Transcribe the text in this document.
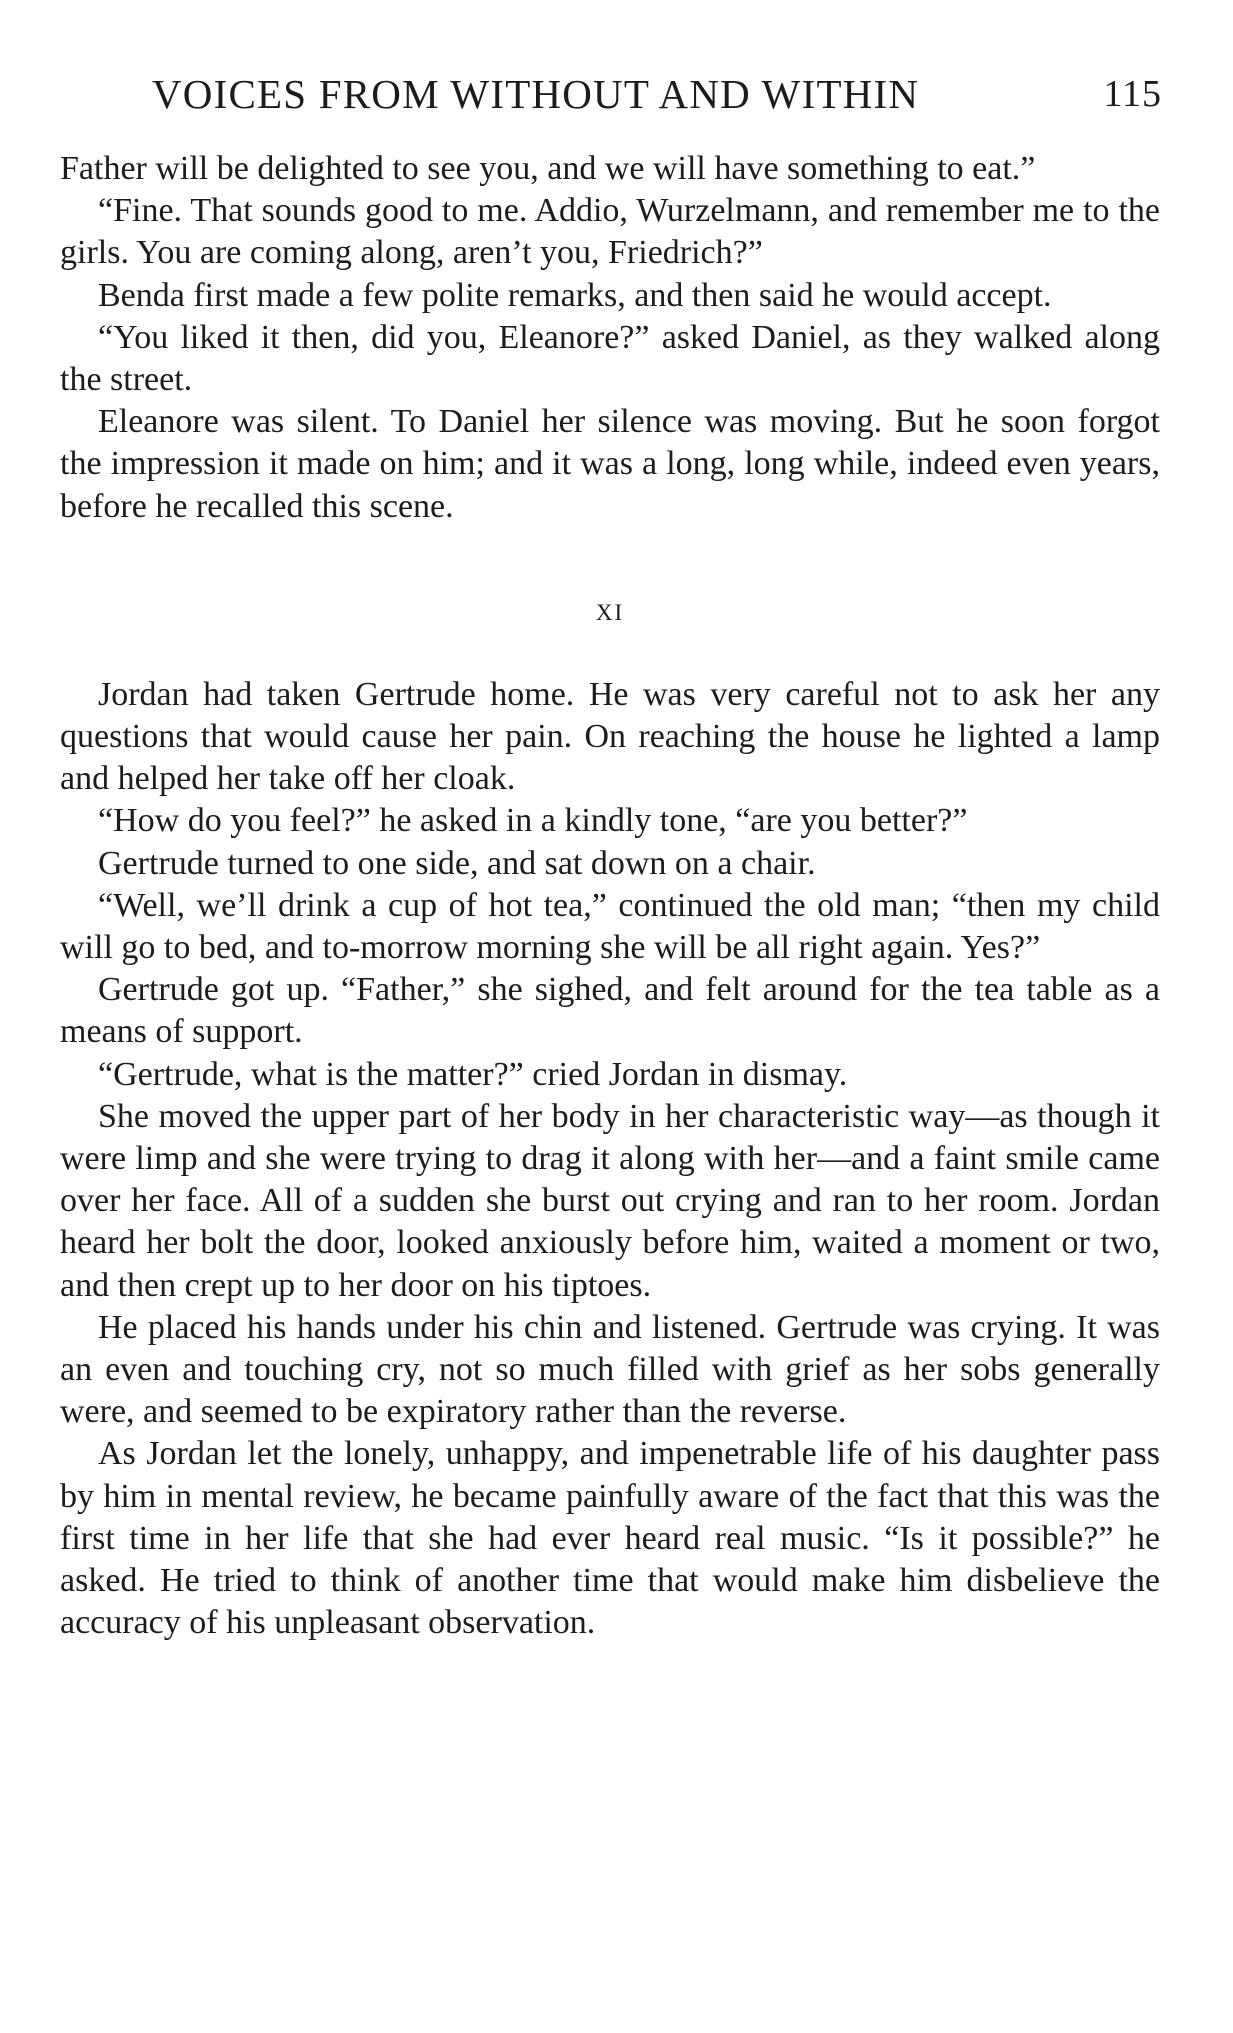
VOICES FROM WITHOUT AND WITHIN	115

Father will be delighted to see you, and we will have something to eat.”

“Fine. That sounds good to me. Addio, Wurzelmann, and remember me to the girls. You are coming along, aren’t you, Friedrich?”

Benda first made a few polite remarks, and then said he would accept.

“You liked it then, did you, Eleanore?” asked Daniel, as they walked along the street.

Eleanore was silent. To Daniel her silence was moving. But he soon forgot the impression it made on him; and it was a long, long while, indeed even years, before he recalled this scene.

XI

Jordan had taken Gertrude home. He was very careful not to ask her any questions that would cause her pain. On reaching the house he lighted a lamp and helped her take off her cloak.

“How do you feel?” he asked in a kindly tone, “are you better?”

Gertrude turned to one side, and sat down on a chair.

“Well, we’ll drink a cup of hot tea,” continued the old man; “then my child will go to bed, and to-morrow morning she will be all right again. Yes?”

Gertrude got up. “Father,” she sighed, and felt around for the tea table as a means of support.

“Gertrude, what is the matter?” cried Jordan in dismay.

She moved the upper part of her body in her characteristic way—as though it were limp and she were trying to drag it along with her—and a faint smile came over her face. All of a sudden she burst out crying and ran to her room. Jordan heard her bolt the door, looked anxiously before him, waited a moment or two, and then crept up to her door on his tiptoes.

He placed his hands under his chin and listened. Gertrude was crying. It was an even and touching cry, not so much filled with grief as her sobs generally were, and seemed to be expiratory rather than the reverse.

As Jordan let the lonely, unhappy, and impenetrable life of his daughter pass by him in mental review, he became painfully aware of the fact that this was the first time in her life that she had ever heard real music. “Is it possible?” he asked. He tried to think of another time that would make him disbelieve the accuracy of his unpleasant observation.
